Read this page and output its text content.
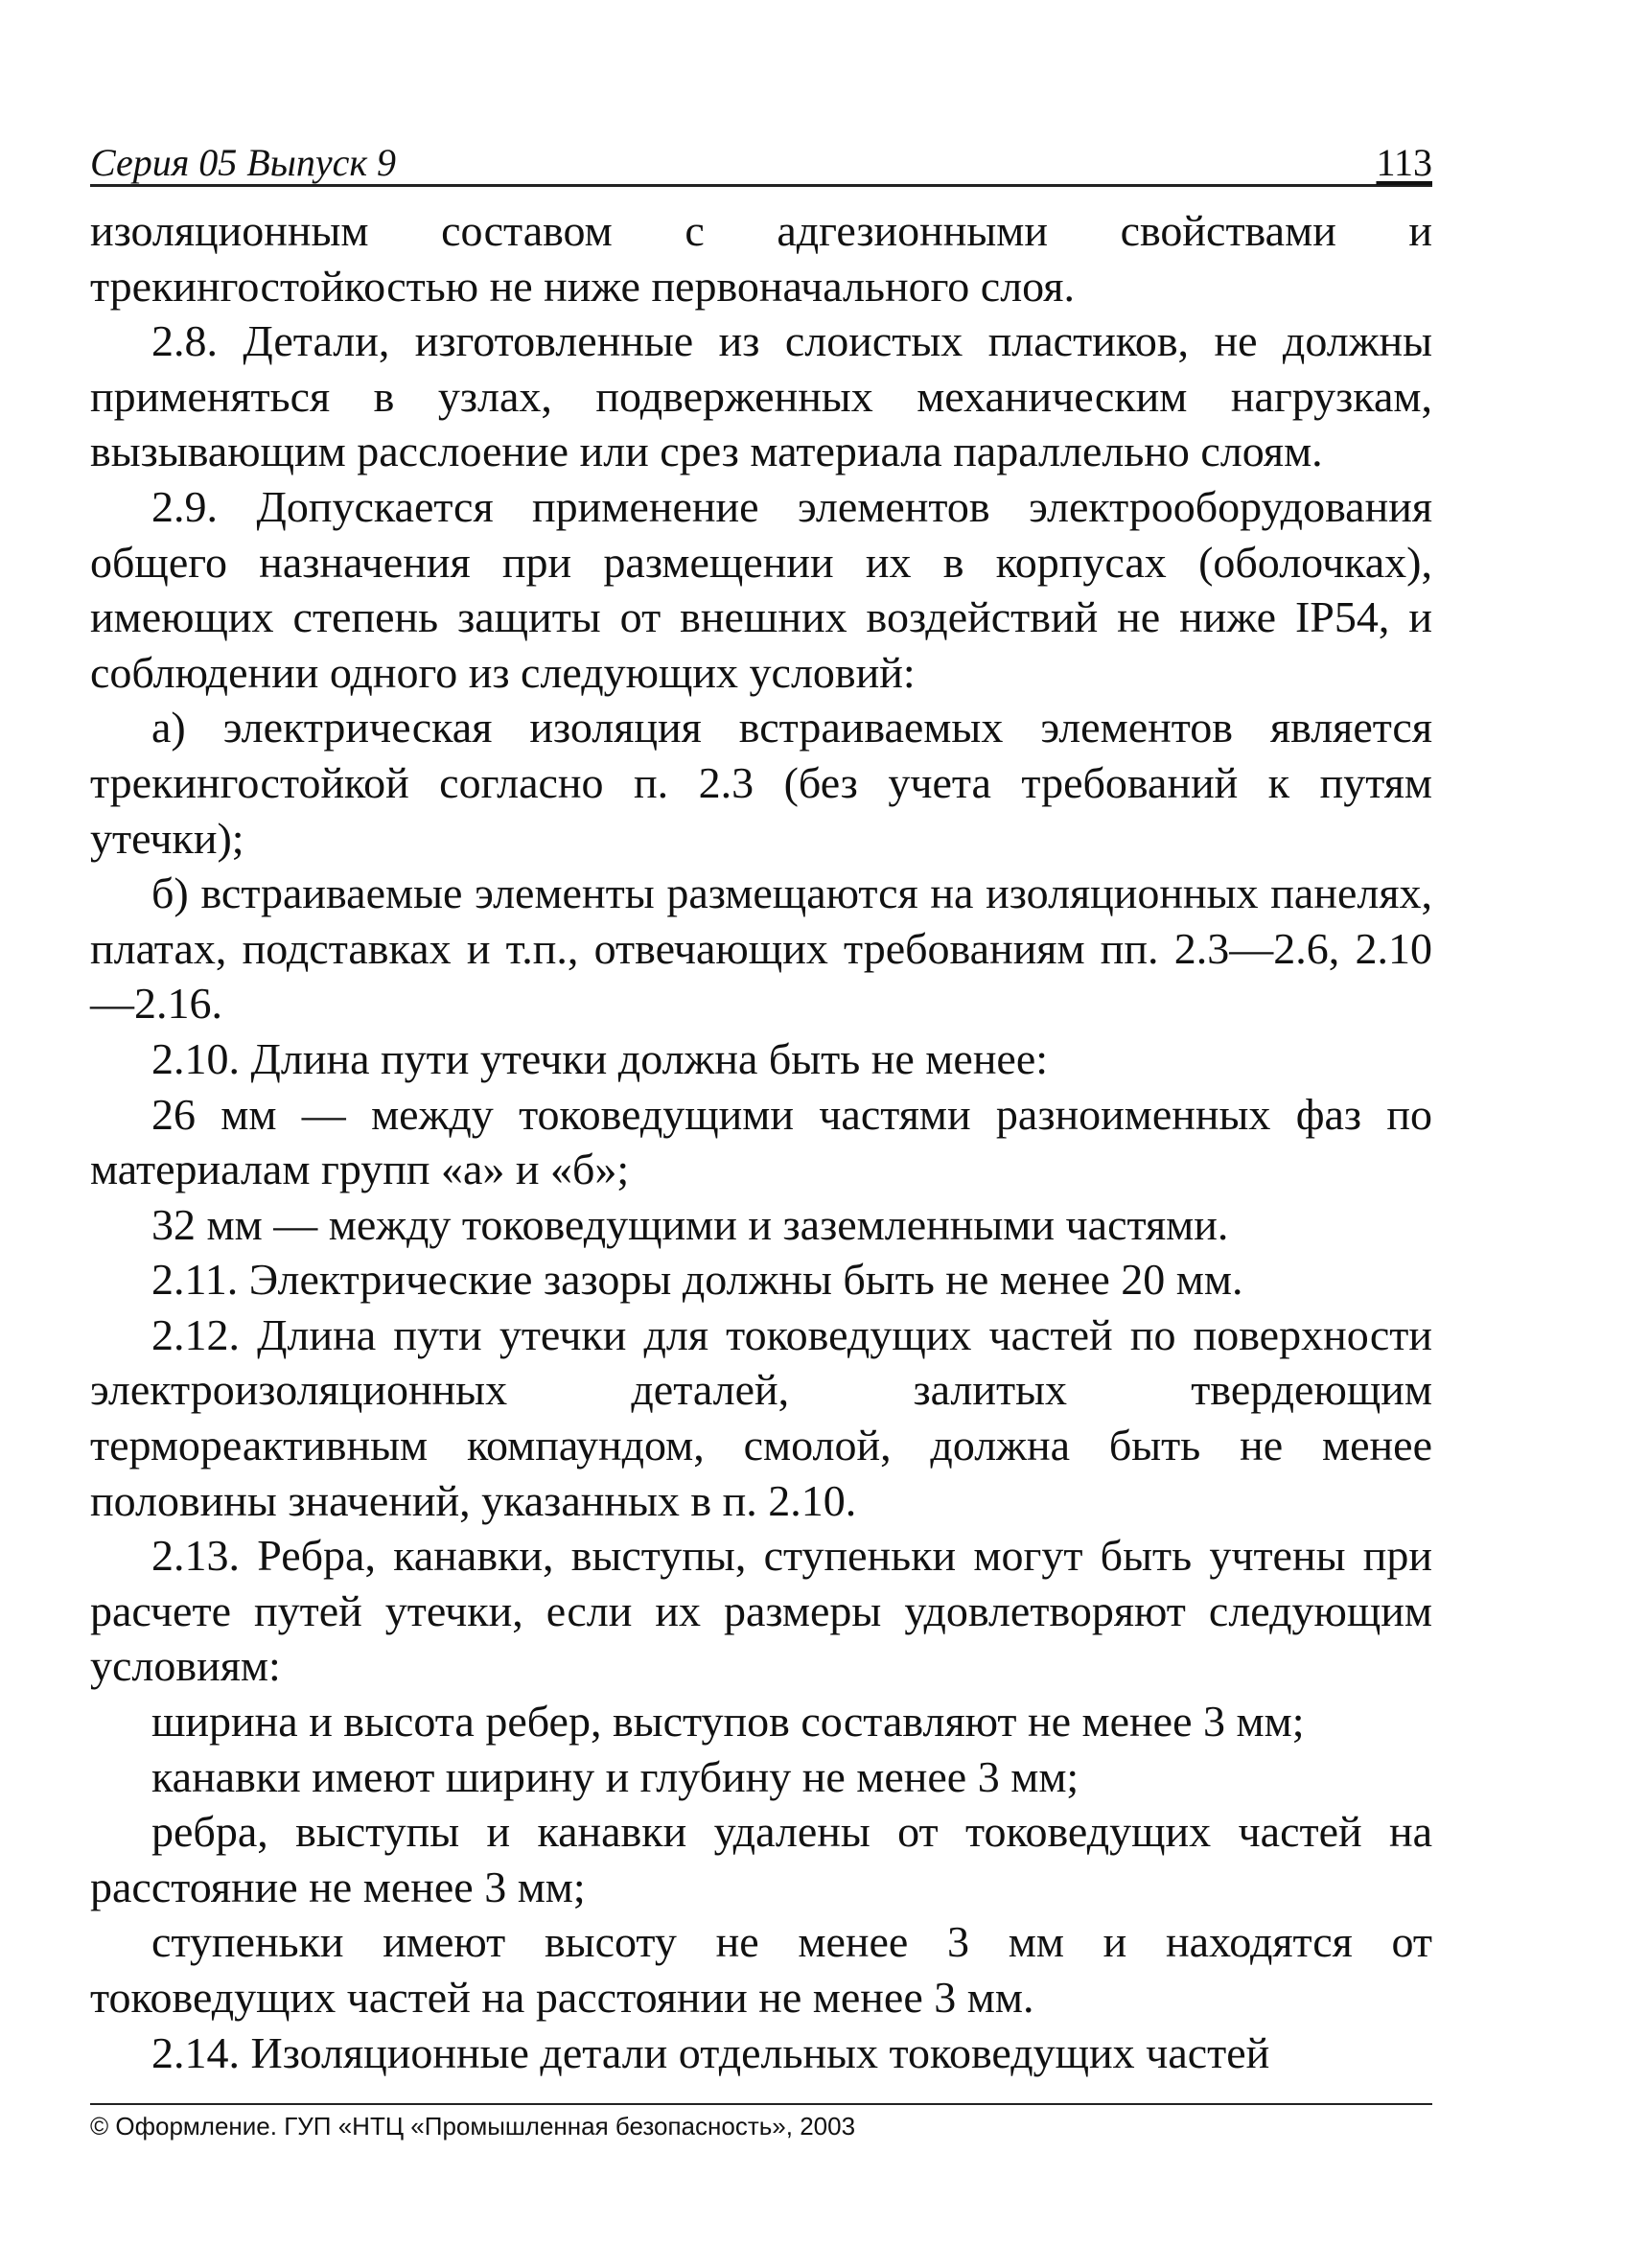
Серия 05 Выпуск 9	113

изоляционным составом с адгезионными свойствами и трекингостойкостью не ниже первоначального слоя.

2.8. Детали, изготовленные из слоистых пластиков, не должны применяться в узлах, подверженных механическим нагрузкам, вызывающим расслоение или срез материала параллельно слоям.

2.9. Допускается применение элементов электрооборудования общего назначения при размещении их в корпусах (оболочках), имеющих степень защиты от внешних воздействий не ниже IP54, и соблюдении одного из следующих условий:

а) электрическая изоляция встраиваемых элементов является трекингостойкой согласно п. 2.3 (без учета требований к путям утечки);

б) встраиваемые элементы размещаются на изоляционных панелях, платах, подставках и т.п., отвечающих требованиям пп. 2.3—2.6, 2.10—2.16.

2.10. Длина пути утечки должна быть не менее:

26 мм — между токоведущими частями разноименных фаз по материалам групп «а» и «б»;

32 мм — между токоведущими и заземленными частями.

2.11. Электрические зазоры должны быть не менее 20 мм.

2.12. Длина пути утечки для токоведущих частей по поверхности электроизоляционных деталей, залитых твердеющим термореактивным компаундом, смолой, должна быть не менее половины значений, указанных в п. 2.10.

2.13. Ребра, канавки, выступы, ступеньки могут быть учтены при расчете путей утечки, если их размеры удовлетворяют следующим условиям:

ширина и высота ребер, выступов составляют не менее 3 мм;

канавки имеют ширину и глубину не менее 3 мм;

ребра, выступы и канавки удалены от токоведущих частей на расстояние не менее 3 мм;

ступеньки имеют высоту не менее 3 мм и находятся от токоведущих частей на расстоянии не менее 3 мм.

2.14. Изоляционные детали отдельных токоведущих частей

© Оформление. ГУП «НТЦ «Промышленная безопасность», 2003
